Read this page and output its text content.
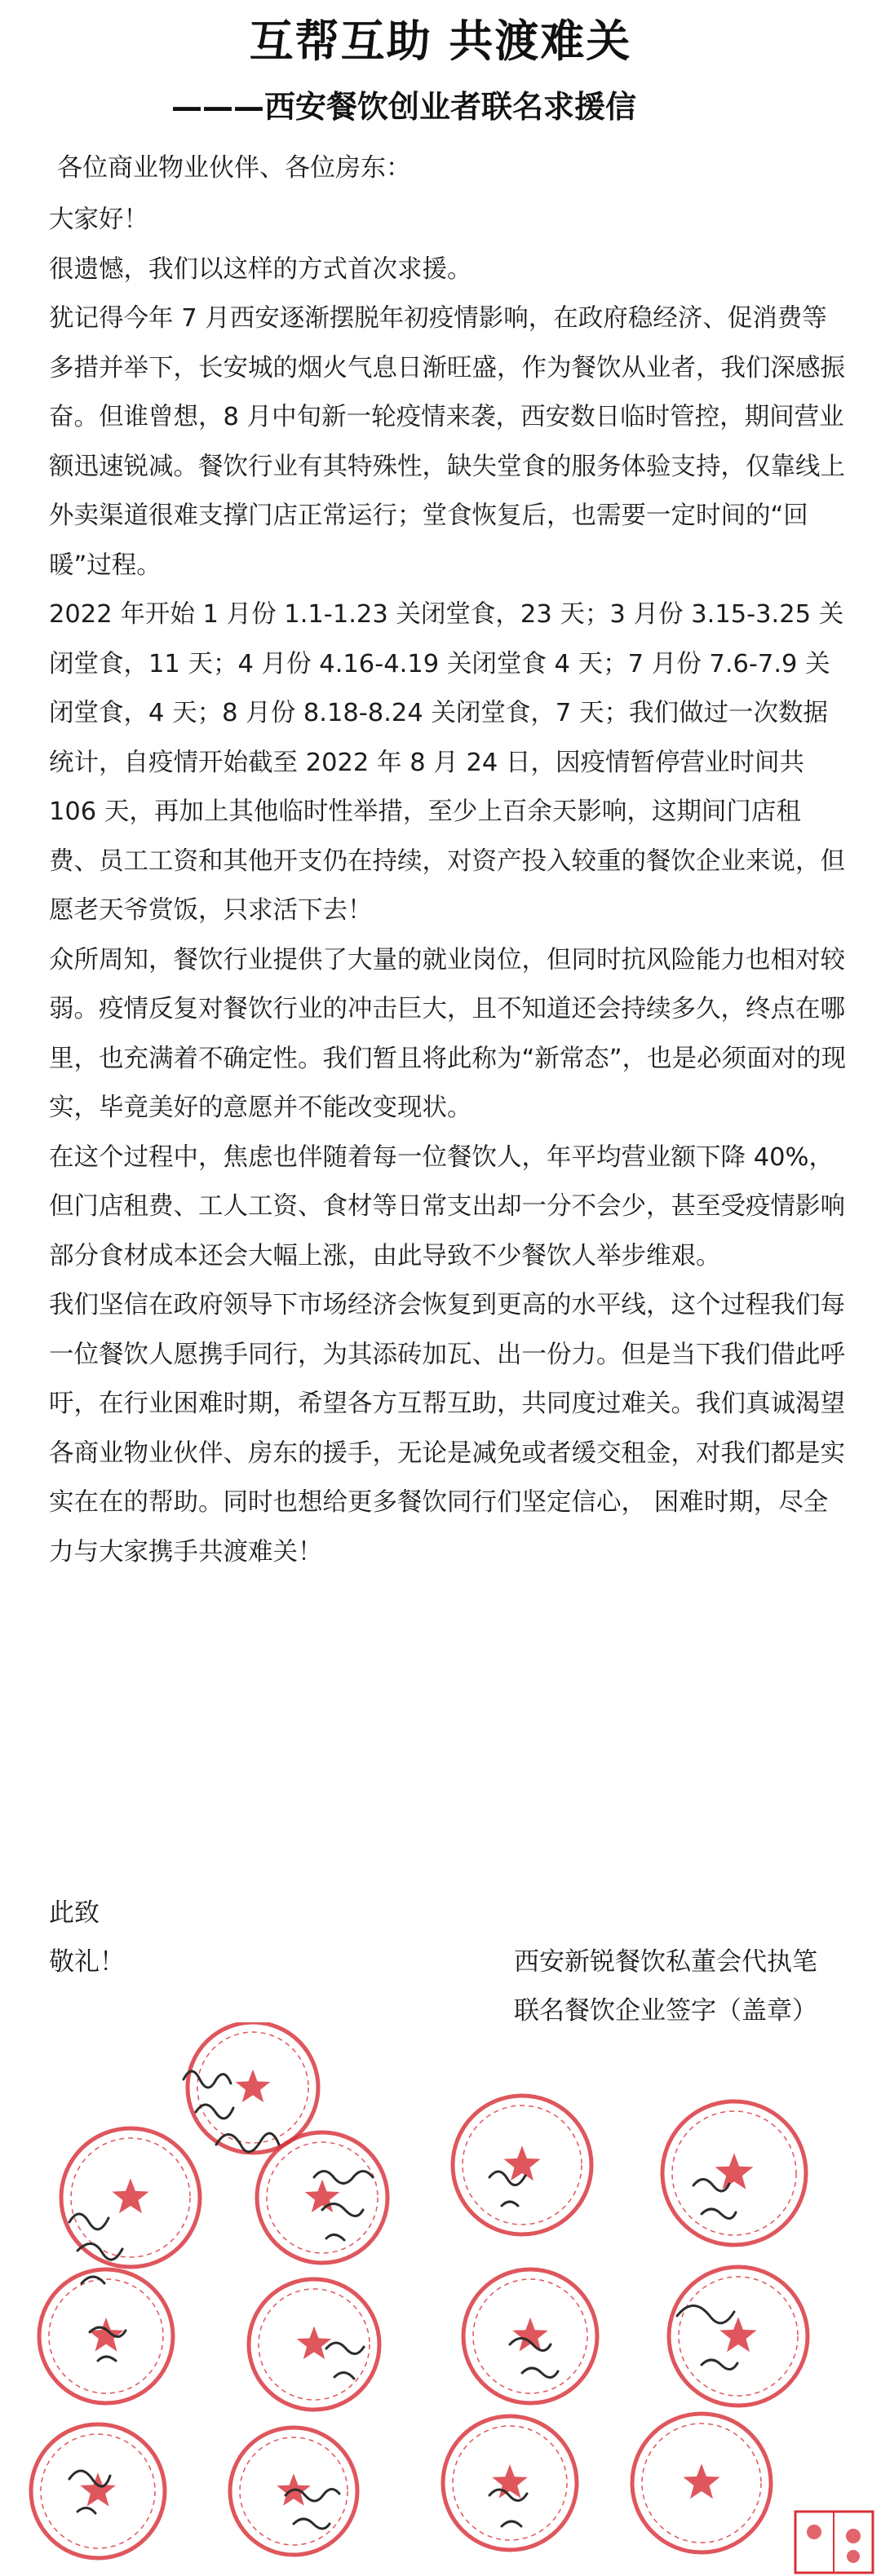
互帮互助 共渡难关
———西安餐饮创业者联名求援信
各位商业物业伙伴、各位房东：

大家好！

很遗憾，我们以这样的方式首次求援。

犹记得今年 7 月西安逐渐摆脱年初疫情影响，在政府稳经济、促消费等多措并举下，长安城的烟火气息日渐旺盛，作为餐饮从业者，我们深感振奋。但谁曾想，8 月中旬新一轮疫情来袭，西安数日临时管控，期间营业额迅速锐减。餐饮行业有其特殊性，缺失堂食的服务体验支持，仅靠线上外卖渠道很难支撑门店正常运行；堂食恢复后，也需要一定时间的“回暖”过程。

2022 年开始 1 月份 1.1-1.23 关闭堂食，23 天；3 月份 3.15-3.25 关闭堂食，11 天；4 月份 4.16-4.19 关闭堂食 4 天；7 月份 7.6-7.9 关闭堂食，4 天；8 月份 8.18-8.24 关闭堂食，7 天；我们做过一次数据统计，自疫情开始截至 2022 年 8 月 24 日，因疫情暂停营业时间共 106 天，再加上其他临时性举措，至少上百余天影响，这期间门店租费、员工工资和其他开支仍在持续，对资产投入较重的餐饮企业来说，但愿老天爷赏饭，只求活下去！

众所周知，餐饮行业提供了大量的就业岗位，但同时抗风险能力也相对较弱。疫情反复对餐饮行业的冲击巨大，且不知道还会持续多久，终点在哪里，也充满着不确定性。我们暂且将此称为“新常态”，也是必须面对的现实，毕竟美好的意愿并不能改变现状。

在这个过程中，焦虑也伴随着每一位餐饮人，年平均营业额下降 40%，但门店租费、工人工资、食材等日常支出却一分不会少，甚至受疫情影响部分食材成本还会大幅上涨，由此导致不少餐饮人举步维艰。

我们坚信在政府领导下市场经济会恢复到更高的水平线，这个过程我们每一位餐饮人愿携手同行，为其添砖加瓦、出一份力。但是当下我们借此呼吁，在行业困难时期，希望各方互帮互助，共同度过难关。我们真诚渴望各商业物业伙伴、房东的援手，无论是减免或者缓交租金，对我们都是实实在在的帮助。同时也想给更多餐饮同行们坚定信心， 困难时期，尽全力与大家携手共渡难关！

此致
敬礼！	西安新锐餐饮私董会代执笔
联名餐饮企业签字（盖章）
